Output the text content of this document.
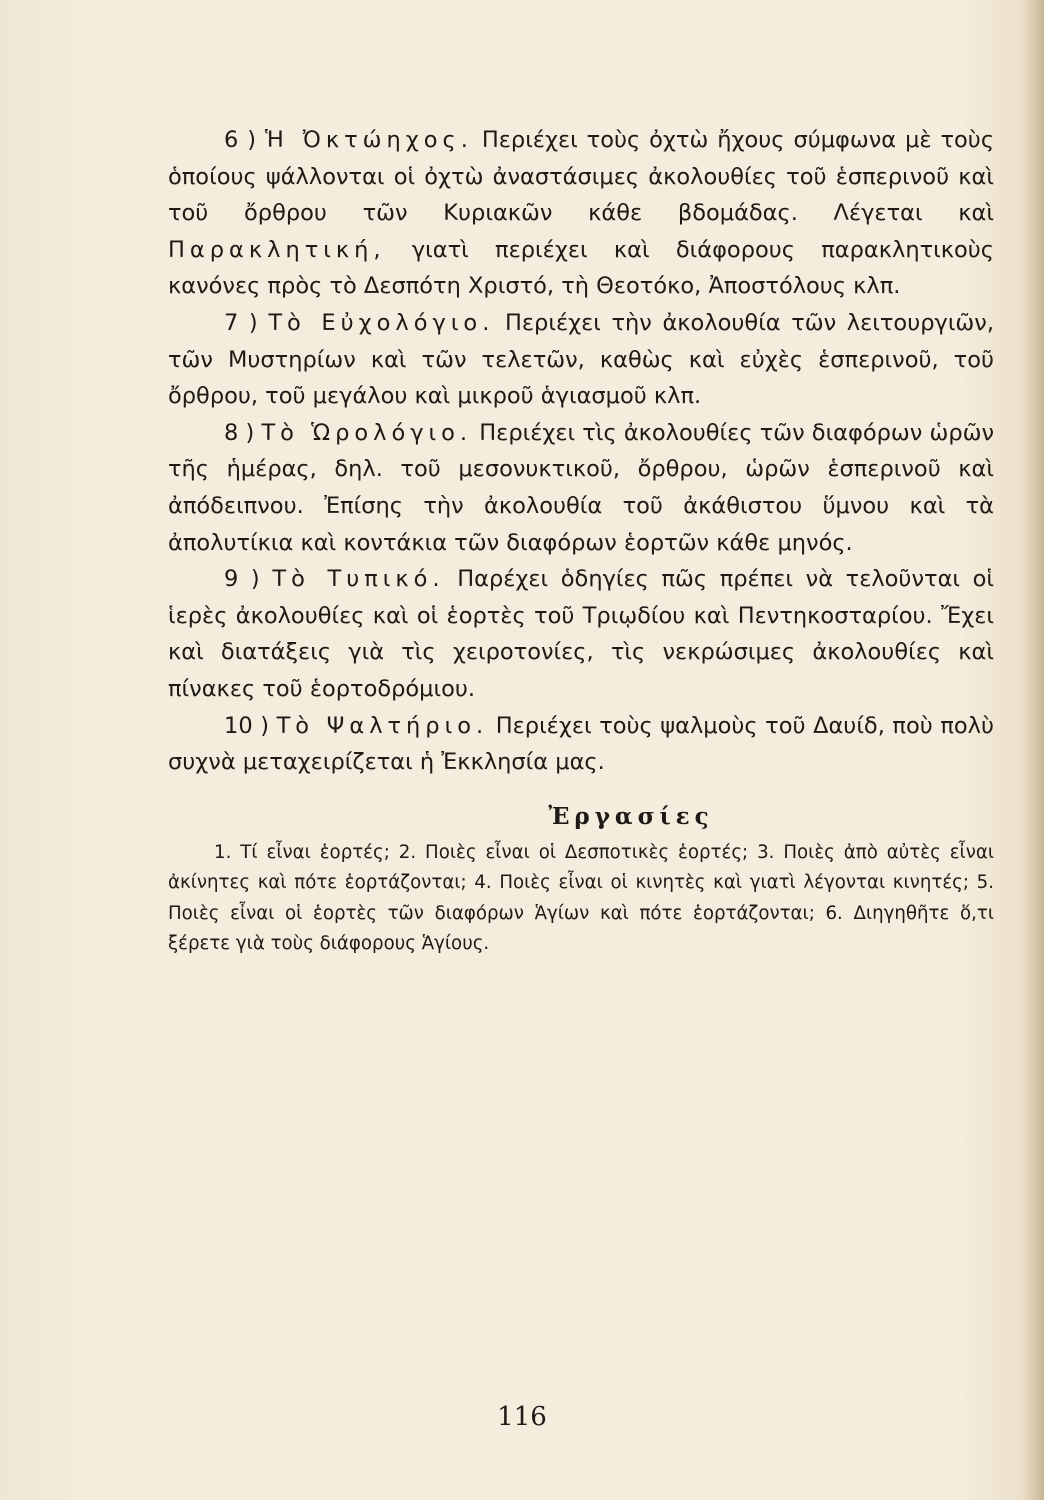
6 ) Ἡ Ὀκτώηχος. Περιέχει τοὺς ὀχτὼ ἤχους σύμφωνα μὲ τοὺς ὁποίους ψάλλονται οἱ ὀχτὼ ἀναστάσιμες ἀκολουθίες τοῦ ἑσπερινοῦ καὶ τοῦ ὄρθρου τῶν Κυριακῶν κάθε βδομάδας. Λέγεται καὶ Παρακλητική, γιατὶ περιέχει καὶ διάφορους παρακλητικοὺς κανόνες πρὸς τὸ Δεσπότη Χριστό, τὴ Θεοτόκο, Ἀποστόλους κλπ.

7 ) Τὸ Εὐχολόγιο. Περιέχει τὴν ἀκολουθία τῶν λειτουργιῶν, τῶν Μυστηρίων καὶ τῶν τελετῶν, καθὼς καὶ εὐχὲς ἑσπερινοῦ, τοῦ ὄρθρου, τοῦ μεγάλου καὶ μικροῦ ἁγιασμοῦ κλπ.

8 ) Τὸ Ὡρολόγιο. Περιέχει τὶς ἀκολουθίες τῶν διαφόρων ὡρῶν τῆς ἡμέρας, δηλ. τοῦ μεσονυκτικοῦ, ὄρθρου, ὡρῶν ἑσπερινοῦ καὶ ἀπόδειπνου. Ἐπίσης τὴν ἀκολουθία τοῦ ἀκάθιστου ὕμνου καὶ τὰ ἀπολυτίκια καὶ κοντάκια τῶν διαφόρων ἑορτῶν κάθε μηνός.

9 ) Τὸ Τυπικό. Παρέχει ὁδηγίες πῶς πρέπει νὰ τελοῦνται οἱ ἱερὲς ἀκολουθίες καὶ οἱ ἑορτὲς τοῦ Τριῳδίου καὶ Πεντηκοσταρίου. Ἔχει καὶ διατάξεις γιὰ τὶς χειροτονίες, τὶς νεκρώσιμες ἀκολουθίες καὶ πίνακες τοῦ ἑορτοδρόμιου.

10 ) Τὸ Ψαλτήριο. Περιέχει τοὺς ψαλμοὺς τοῦ Δαυίδ, ποὺ πολὺ συχνὰ μεταχειρίζεται ἡ Ἐκκλησία μας.

Ἐργασίες

1. Τί εἶναι ἑορτές; 2. Ποιὲς εἶναι οἱ Δεσποτικὲς ἑορτές; 3. Ποιὲς ἀπὸ αὐτὲς εἶναι ἀκίνητες καὶ πότε ἑορτάζονται; 4. Ποιὲς εἶναι οἱ κινητὲς καὶ γιατὶ λέγονται κινητές; 5. Ποιὲς εἶναι οἱ ἑορτὲς τῶν διαφόρων Ἁγίων καὶ πότε ἑορτάζονται; 6. Διηγηθῆτε ὅ,τι ξέρετε γιὰ τοὺς διάφορους Ἁγίους.

116
